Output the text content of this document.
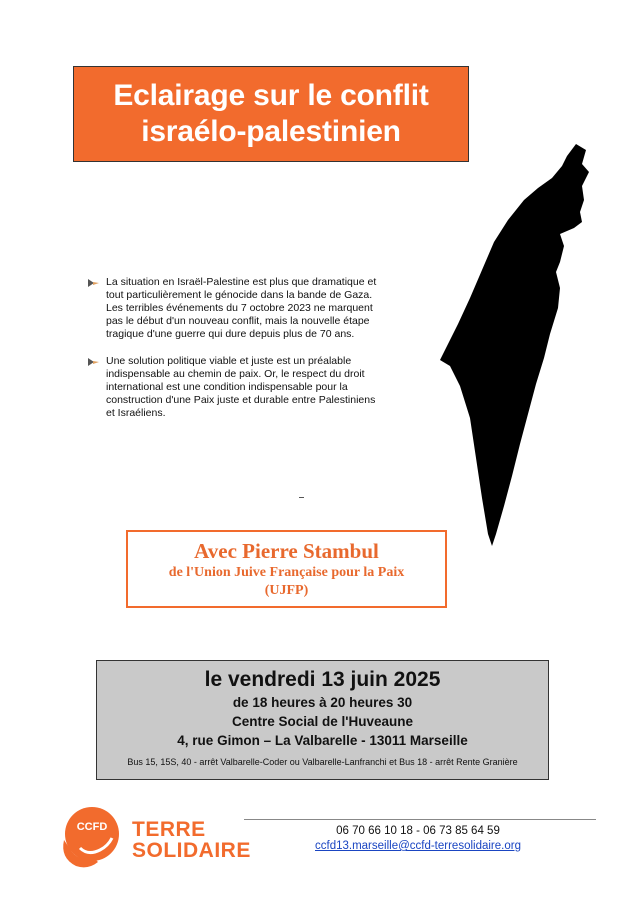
Eclairage sur le conflit
israélo-palestinien
La situation en Israël-Palestine est plus que dramatique et tout particulièrement le génocide dans la bande de Gaza. Les terribles événements du 7 octobre 2023 ne marquent pas le début d'un nouveau conflit, mais la nouvelle étape tragique d'une guerre qui dure depuis plus de 70 ans.
Une solution politique viable et juste est un préalable indispensable au chemin de paix. Or, le respect du droit international est une condition indispensable pour la construction d'une Paix juste et durable entre Palestiniens et Israéliens.
Avec Pierre Stambul
de l'Union Juive Française pour la Paix
(UJFP)
le vendredi 13 juin 2025
de 18 heures à 20 heures 30
Centre Social de l'Huveaune
4, rue Gimon – La Valbarelle - 13011 Marseille
Bus 15, 15S, 40 - arrêt Valbarelle-Coder ou Valbarelle-Lanfranchi et Bus 18 - arrêt Rente Granière
CCFD TERRE
SOLIDAIRE
06 70 66 10 18 - 06 73 85 64 59
ccfd13.marseille@ccfd-terresolidaire.org
